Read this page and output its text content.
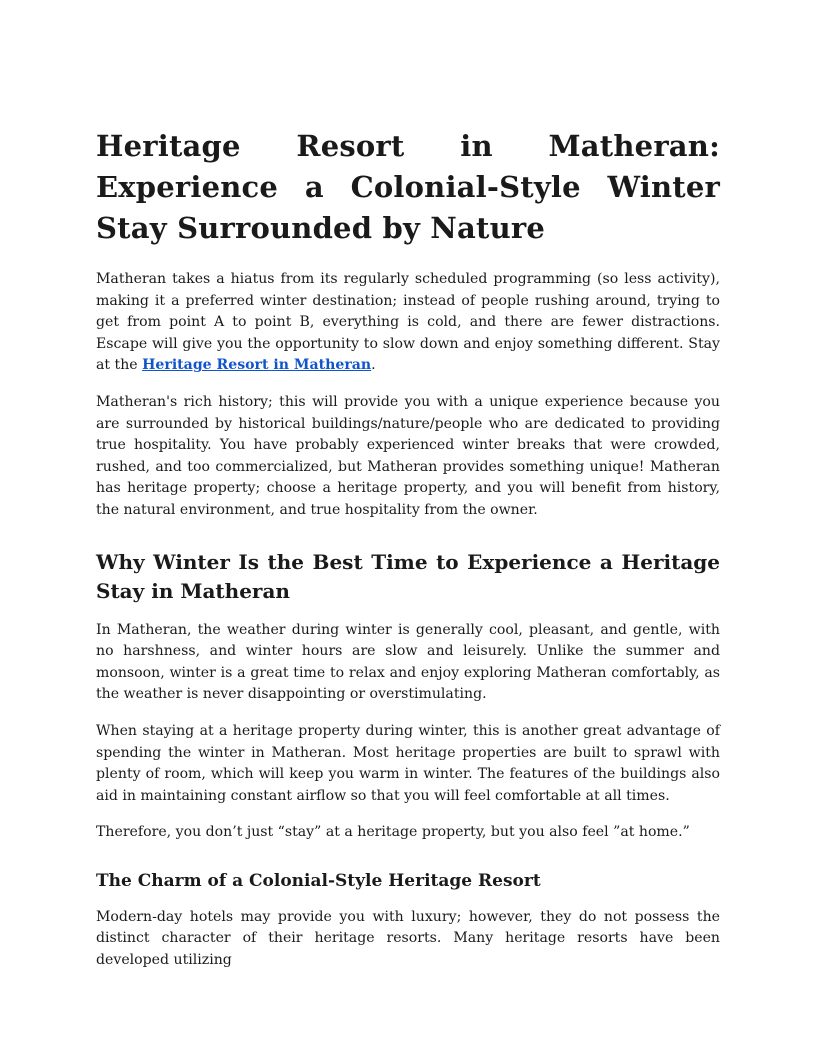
Heritage Resort in Matheran: Experience a Colonial-Style Winter Stay Surrounded by Nature

Matheran takes a hiatus from its regularly scheduled programming (so less activity), making it a preferred winter destination; instead of people rushing around, trying to get from point A to point B, everything is cold, and there are fewer distractions. Escape will give you the opportunity to slow down and enjoy something different. Stay at the Heritage Resort in Matheran.

Matheran's rich history; this will provide you with a unique experience because you are surrounded by historical buildings/nature/people who are dedicated to providing true hospitality. You have probably experienced winter breaks that were crowded, rushed, and too commercialized, but Matheran provides something unique! Matheran has heritage property; choose a heritage property, and you will benefit from history, the natural environment, and true hospitality from the owner.

Why Winter Is the Best Time to Experience a Heritage Stay in Matheran

In Matheran, the weather during winter is generally cool, pleasant, and gentle, with no harshness, and winter hours are slow and leisurely. Unlike the summer and monsoon, winter is a great time to relax and enjoy exploring Matheran comfortably, as the weather is never disappointing or overstimulating.

When staying at a heritage property during winter, this is another great advantage of spending the winter in Matheran. Most heritage properties are built to sprawl with plenty of room, which will keep you warm in winter. The features of the buildings also aid in maintaining constant airflow so that you will feel comfortable at all times.

Therefore, you don’t just “stay” at a heritage property, but you also feel ”at home.”

The Charm of a Colonial-Style Heritage Resort

Modern-day hotels may provide you with luxury; however, they do not possess the distinct character of their heritage resorts. Many heritage resorts have been developed utilizing
